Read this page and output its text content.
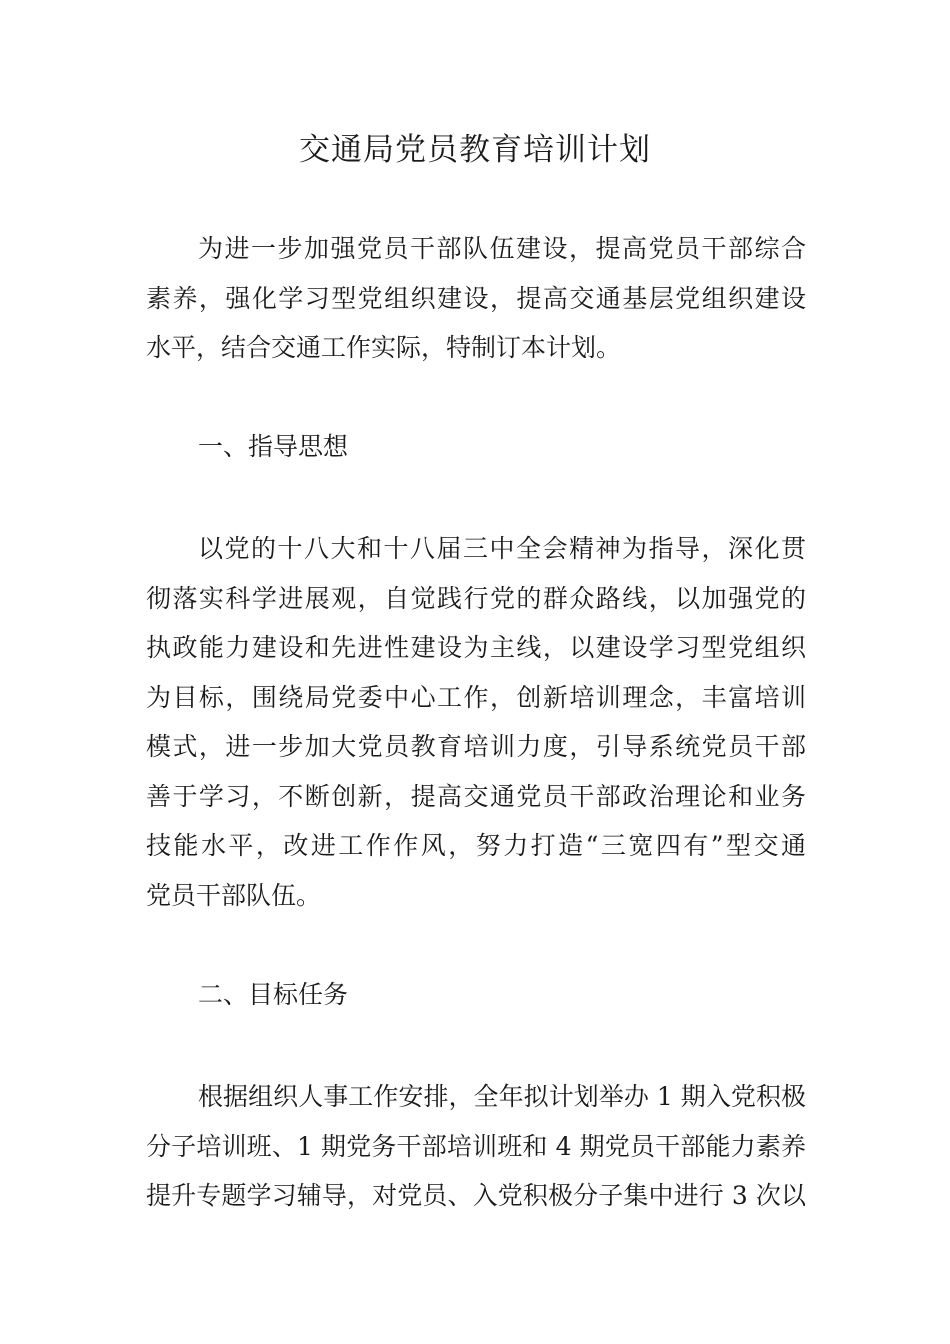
交通局党员教育培训计划
为进一步加强党员干部队伍建设，提高党员干部综合
素养，强化学习型党组织建设，提高交通基层党组织建设
水平，结合交通工作实际，特制订本计划。
一、指导思想
以党的十八大和十八届三中全会精神为指导，深化贯
彻落实科学进展观，自觉践行党的群众路线，以加强党的
执政能力建设和先进性建设为主线，以建设学习型党组织
为目标，围绕局党委中心工作，创新培训理念，丰富培训
模式，进一步加大党员教育培训力度，引导系统党员干部
善于学习，不断创新，提高交通党员干部政治理论和业务
技能水平，改进工作作风，努力打造“三宽四有”型交通
党员干部队伍。
二、目标任务
根据组织人事工作安排，全年拟计划举办 1 期入党积极
分子培训班、1 期党务干部培训班和 4 期党员干部能力素养
提升专题学习辅导，对党员、入党积极分子集中进行 3 次以
